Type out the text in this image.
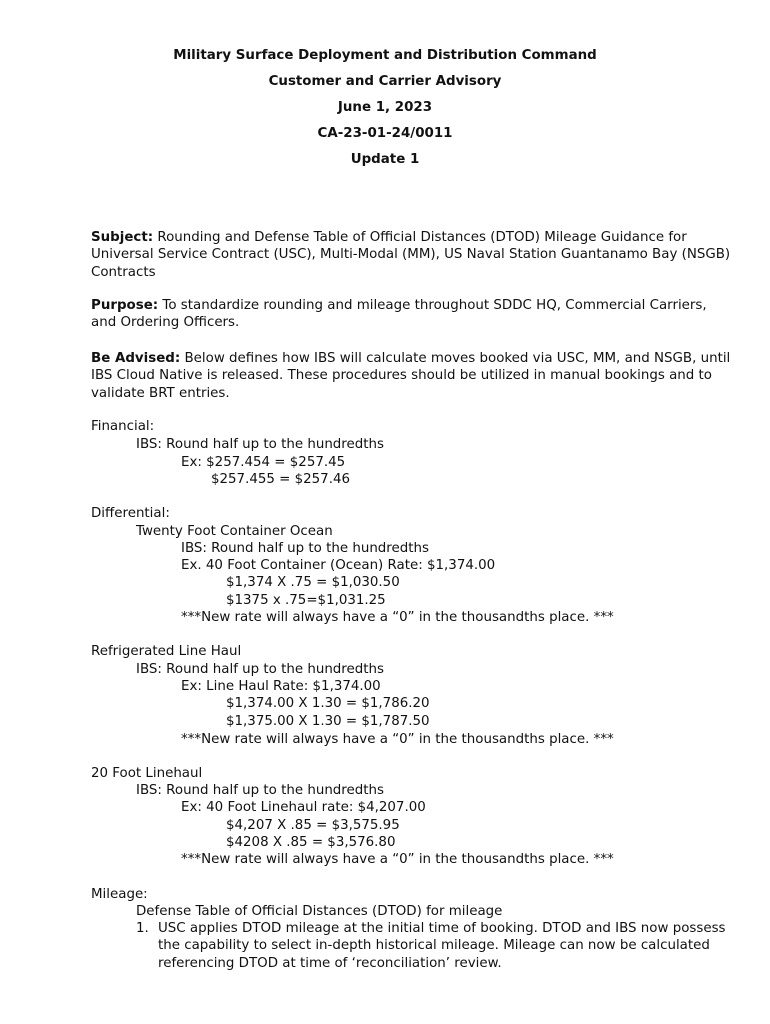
Military Surface Deployment and Distribution Command
Customer and Carrier Advisory
June 1, 2023
CA-23-01-24/0011
Update 1
Subject: Rounding and Defense Table of Official Distances (DTOD) Mileage Guidance for Universal Service Contract (USC), Multi-Modal (MM), US Naval Station Guantanamo Bay (NSGB) Contracts
Purpose: To standardize rounding and mileage throughout SDDC HQ, Commercial Carriers, and Ordering Officers.
Be Advised: Below defines how IBS will calculate moves booked via USC, MM, and NSGB, until IBS Cloud Native is released. These procedures should be utilized in manual bookings and to validate BRT entries.
Financial:
IBS: Round half up to the hundredths
Ex: $257.454 = $257.45
$257.455 = $257.46
Differential:
Twenty Foot Container Ocean
IBS: Round half up to the hundredths
Ex. 40 Foot Container (Ocean) Rate: $1,374.00
$1,374 X .75 = $1,030.50
$1375 x .75=$1,031.25
***New rate will always have a “0” in the thousandths place. ***
Refrigerated Line Haul
IBS: Round half up to the hundredths
Ex: Line Haul Rate: $1,374.00
$1,374.00 X 1.30 = $1,786.20
$1,375.00 X 1.30 = $1,787.50
***New rate will always have a “0” in the thousandths place. ***
20 Foot Linehaul
IBS: Round half up to the hundredths
Ex: 40 Foot Linehaul rate: $4,207.00
$4,207 X .85 = $3,575.95
$4208 X .85 = $3,576.80
***New rate will always have a “0” in the thousandths place. ***
Mileage:
Defense Table of Official Distances (DTOD) for mileage
1. USC applies DTOD mileage at the initial time of booking. DTOD and IBS now possess the capability to select in-depth historical mileage. Mileage can now be calculated referencing DTOD at time of ‘reconciliation’ review.
